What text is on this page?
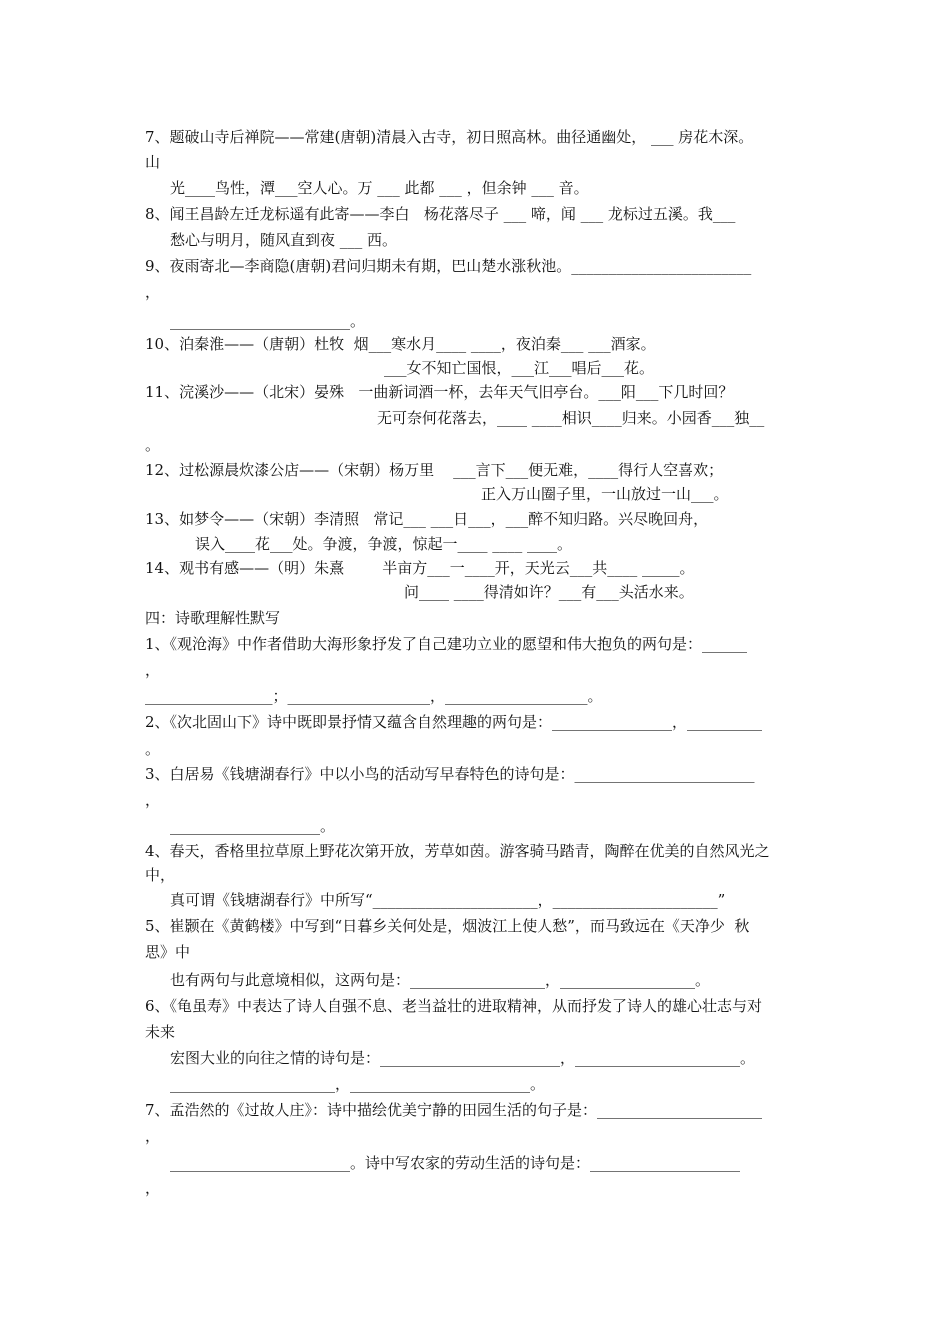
7、题破山寺后禅院——常建(唐朝)清晨入古寺，初日照高林。曲径通幽处， ___ 房花木深。
山
光____鸟性，潭___空人心。万 ___ 此都 ___ ，但余钟 ___ 音。
8、闻王昌龄左迁龙标遥有此寄——李白   杨花落尽子 ___ 啼，闻 ___ 龙标过五溪。我___
愁心与明月，随风直到夜 ___ 西。
9、夜雨寄北—李商隐(唐朝)君问归期未有期，巴山楚水涨秋池。________________________
，
________________________。
10、泊秦淮——（唐朝）杜牧  烟___寒水月____ ____，夜泊秦___ ___酒家。
___女不知亡国恨，___江___唱后___花。
11、浣溪沙——（北宋）晏殊   一曲新词酒一杯，去年天气旧亭台。___阳___下几时回？
无可奈何花落去，____ ____相识____归来。小园香___独__
。
12、过松源晨炊漆公店——（宋朝）杨万里    ___言下___便无难，____得行人空喜欢；
正入万山圈子里，一山放过一山___。
13、如梦令——（宋朝）李清照   常记___ ___日___，___醉不知归路。兴尽晚回舟，
误入____花___处。争渡，争渡，惊起一____ ____ ____。
14、观书有感——（明）朱熹        半亩方___一____开，天光云___共____ _____。
问____ ____得清如许？___有___头活水来。
四：诗歌理解性默写
1、《观沧海》中作者借助大海形象抒发了自己建功立业的愿望和伟大抱负的两句是：______
，
_________________；___________________，___________________。
2、《次北固山下》诗中既即景抒情又蕴含自然理趣的两句是：________________，__________
。
3、白居易《钱塘湖春行》中以小鸟的活动写早春特色的诗句是：________________________
，
____________________。
4、春天，香格里拉草原上野花次第开放，芳草如茵。游客骑马踏青，陶醉在优美的自然风光之
中，
真可谓《钱塘湖春行》中所写“______________________，______________________”
5、崔颢在《黄鹤楼》中写到“日暮乡关何处是，烟波江上使人愁”，而马致远在《天净少  秋
思》中
也有两句与此意境相似，这两句是：__________________，__________________。
6、《龟虽寿》中表达了诗人自强不息、老当益壮的进取精神，从而抒发了诗人的雄心壮志与对
未来
宏图大业的向往之情的诗句是：________________________，______________________。
______________________，________________________。
7、孟浩然的《过故人庄》：诗中描绘优美宁静的田园生活的句子是：______________________
，
________________________。诗中写农家的劳动生活的诗句是：____________________
，
